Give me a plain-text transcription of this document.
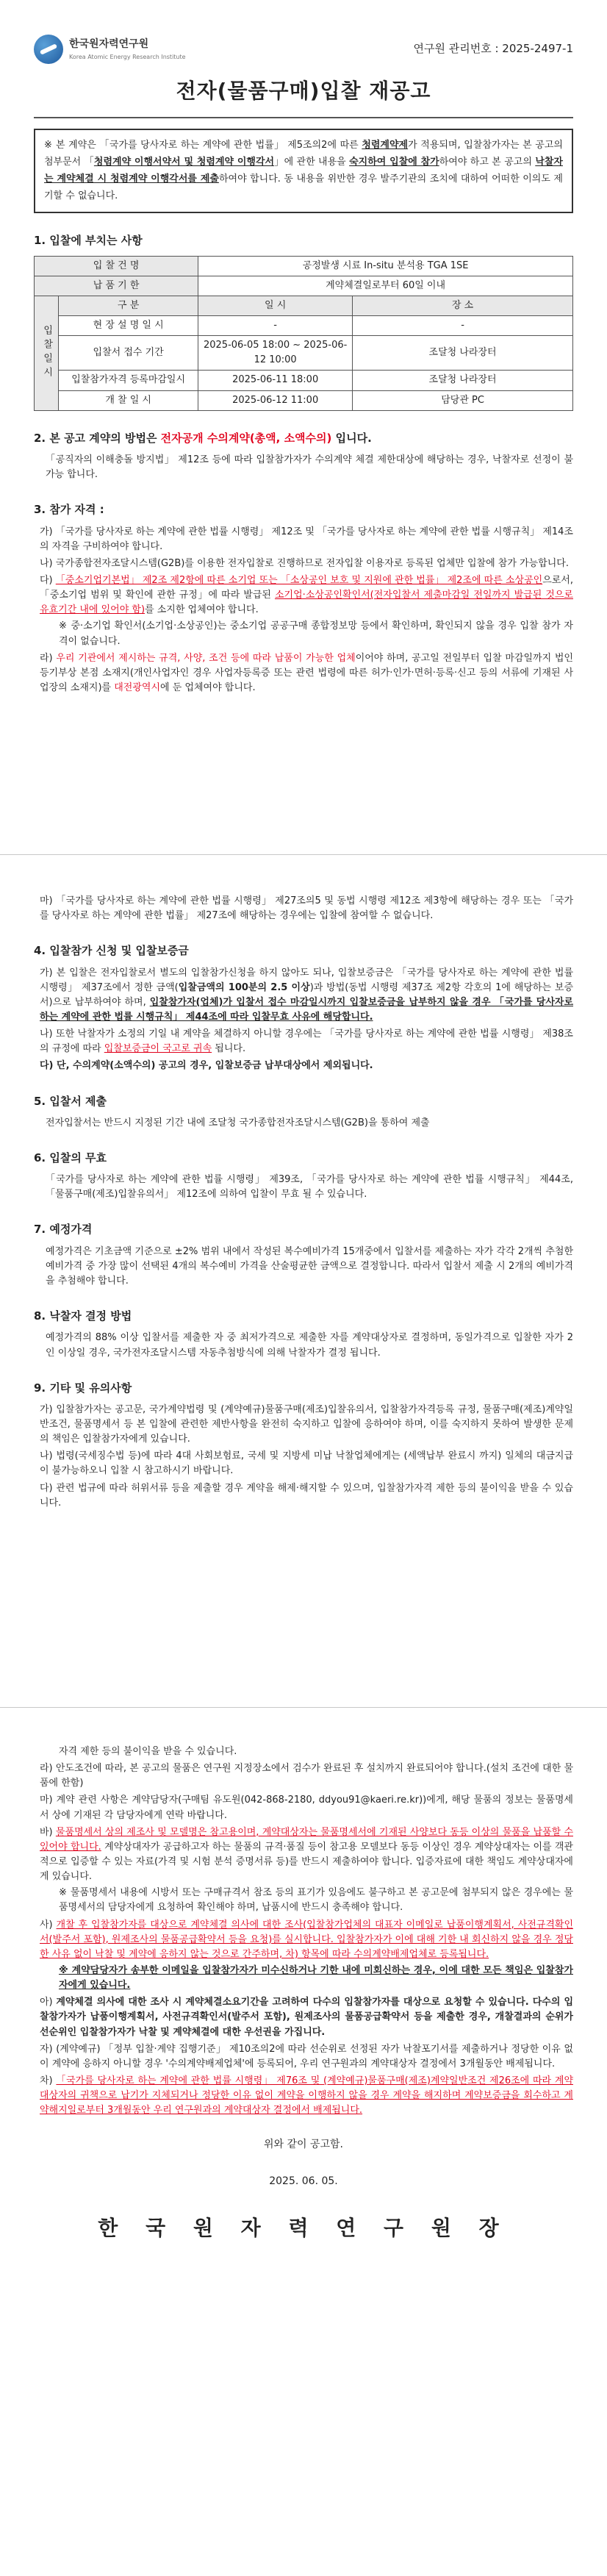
한국원자력연구원
Korea Atomic Energy Research Institute
연구원 관리번호 : 2025-2497-1
전자(물품구매)입찰 재공고
※ 본 계약은 「국가를 당사자로 하는 계약에 관한 법률」 제5조의2에 따른 청렴계약제가 적용되며, 입찰참가자는 본 공고의 첨부문서 「청렴계약 이행서약서 및 청렴계약 이행각서」에 관한 내용을 숙지하여 입찰에 참가하여야 하고 본 공고의 낙찰자는 계약체결 시 청렴계약 이행각서를 제출하여야 합니다. 동 내용을 위반한 경우 발주기관의 조치에 대하여 어떠한 이의도 제기할 수 없습니다.
1. 입찰에 부치는 사항
입 찰 건 명		공정발생 시료 In-situ 분석용 TGA 1SE	
납 품 기 한		계약체결일로부터 60일 이내	
입찰일시	구 분	일 시	장 소
	현 장 설 명 일 시	-	-
	입찰서 접수 기간	2025-06-05 18:00 ~ 2025-06-12 10:00	조달청 나라장터
	입찰참가자격 등록마감일시	2025-06-11 18:00	조달청 나라장터
	개 찰 일 시	2025-06-12 11:00	담당관 PC
2. 본 공고 계약의 방법은 전자공개 수의계약(총액, 소액수의) 입니다.
「공직자의 이해충돌 방지법」 제12조 등에 따라 입찰참가자가 수의계약 체결 제한대상에 해당하는 경우, 낙찰자로 선정이 불가능 합니다.
3. 참가 자격 :
가) 「국가를 당사자로 하는 계약에 관한 법률 시행령」 제12조 및 「국가를 당사자로 하는 계약에 관한 법률 시행규칙」 제14조의 자격을 구비하여야 합니다.
나) 국가종합전자조달시스템(G2B)를 이용한 전자입찰로 진행하므로 전자입찰 이용자로 등록된 업체만 입찰에 참가 가능합니다.
다) 「중소기업기본법」 제2조 제2항에 따른 소기업 또는 「소상공인 보호 및 지원에 관한 법률」 제2조에 따른 소상공인으로서, 「중소기업 범위 및 확인에 관한 규정」에 따라 발급된 소기업·소상공인확인서(전자입찰서 제출마감일 전일까지 발급된 것으로 유효기간 내에 있어야 함)를 소지한 업체여야 합니다.
※ 중·소기업 확인서(소기업·소상공인)는 중소기업 공공구매 종합정보망 등에서 확인하며, 확인되지 않을 경우 입찰 참가 자격이 없습니다.
라) 우리 기관에서 제시하는 규격, 사양, 조건 등에 따라 납품이 가능한 업체이어야 하며, 공고일 전일부터 입찰 마감일까지 법인등기부상 본점 소재지(개인사업자인 경우 사업자등록증 또는 관련 법령에 따른 허가·인가·면허·등록·신고 등의 서류에 기재된 사업장의 소재지)를 대전광역시에 둔 업체여야 합니다.
마) 「국가를 당사자로 하는 계약에 관한 법률 시행령」 제27조의5 및 동법 시행령 제12조 제3항에 해당하는 경우 또는 「국가를 당사자로 하는 계약에 관한 법률」 제27조에 해당하는 경우에는 입찰에 참여할 수 없습니다.
4. 입찰참가 신청 및 입찰보증금
가) 본 입찰은 전자입찰로서 별도의 입찰참가신청을 하지 않아도 되나, 입찰보증금은 「국가를 당사자로 하는 계약에 관한 법률 시행령」 제37조에서 정한 금액(입찰금액의 100분의 2.5 이상)과 방법(동법 시행령 제37조 제2항 각호의 1에 해당하는 보증서)으로 납부하여야 하며, 입찰참가자(업체)가 입찰서 접수 마감일시까지 입찰보증금을 납부하지 않을 경우 「국가를 당사자로 하는 계약에 관한 법률 시행규칙」 제44조에 따라 입찰무효 사유에 해당합니다.
나) 또한 낙찰자가 소정의 기일 내 계약을 체결하지 아니할 경우에는 「국가를 당사자로 하는 계약에 관한 법률 시행령」 제38조의 규정에 따라 입찰보증금이 국고로 귀속 됩니다.
다) 단, 수의계약(소액수의) 공고의 경우, 입찰보증금 납부대상에서 제외됩니다.
5. 입찰서 제출
전자입찰서는 반드시 지정된 기간 내에 조달청 국가종합전자조달시스템(G2B)을 통하여 제출
6. 입찰의 무효
「국가를 당사자로 하는 계약에 관한 법률 시행령」 제39조, 「국가를 당사자로 하는 계약에 관한 법률 시행규칙」 제44조, 「물품구매(제조)입찰유의서」 제12조에 의하여 입찰이 무효 될 수 있습니다.
7. 예정가격
예정가격은 기초금액 기준으로 ±2% 범위 내에서 작성된 복수예비가격 15개중에서 입찰서를 제출하는 자가 각각 2개씩 추첨한 예비가격 중 가장 많이 선택된 4개의 복수예비 가격을 산술평균한 금액으로 결정합니다. 따라서 입찰서 제출 시 2개의 예비가격을 추첨해야 합니다.
8. 낙찰자 결정 방법
예정가격의 88% 이상 입찰서를 제출한 자 중 최저가격으로 제출한 자를 계약대상자로 결정하며, 동일가격으로 입찰한 자가 2인 이상일 경우, 국가전자조달시스템 자동추첨방식에 의해 낙찰자가 결정 됩니다.
9. 기타 및 유의사항
가) 입찰참가자는 공고문, 국가계약법령 및 (계약예규)물품구매(제조)입찰유의서, 입찰참가자격등록 규정, 물품구매(제조)계약일반조건, 물품명세서 등 본 입찰에 관련한 제반사항을 완전히 숙지하고 입찰에 응하여야 하며, 이를 숙지하지 못하여 발생한 문제의 책임은 입찰참가자에게 있습니다.
나) 법령(국세징수법 등)에 따라 4대 사회보험료, 국세 및 지방세 미납 낙찰업체에게는 (세액납부 완료시 까지) 일체의 대금지급이 불가능하오니 입찰 시 참고하시기 바랍니다.
다) 관련 법규에 따라 허위서류 등을 제출할 경우 계약을 해제·해지할 수 있으며, 입찰참가자격 제한 등의 불이익을 받을 수 있습니다.
자격 제한 등의 불이익을 받을 수 있습니다.
라) 안도조건에 따라, 본 공고의 물품은 연구원 지정장소에서 검수가 완료된 후 설치까지 완료되어야 합니다.(설치 조건에 대한 물품에 한함)
마) 계약 관련 사항은 계약담당자(구매팀 유도원(042-868-2180, ddyou91@kaeri.re.kr))에게, 해당 물품의 정보는 물품명세서 상에 기재된 각 담당자에게 연락 바랍니다.
바) 물품명세서 상의 제조사 및 모델명은 참고용이며, 계약대상자는 물품명세서에 기재된 사양보다 동등 이상의 물품을 납품할 수 있어야 합니다. 계약상대자가 공급하고자 하는 물품의 규격·품질 등이 참고용 모델보다 동등 이상인 경우 계약상대자는 이를 객관적으로 입증할 수 있는 자료(가격 및 시험 분석 증명서류 등)를 반드시 제출하여야 합니다. 입증자료에 대한 책임도 계약상대자에게 있습니다.
※ 물품명세서 내용에 시방서 또는 구매규격서 참조 등의 표기가 있음에도 불구하고 본 공고문에 첨부되지 않은 경우에는 물품명세서의 담당자에게 요청하여 확인해야 하며, 납품시에 반드시 충족해야 합니다.
사) 개찰 후 입찰참가자를 대상으로 계약체결 의사에 대한 조사(입찰참가업체의 대표자 이메일로 납품이행계획서, 사전규격확인서(발주서 포함), 원제조사의 물품공급확약서 등을 요청)를 실시합니다. 입찰참가자가 이에 대해 기한 내 회신하지 않을 경우 정당한 사유 없이 낙찰 및 계약에 응하지 않는 것으로 간주하며, 차) 항목에 따라 수의계약배제업체로 등록됩니다.
※ 계약담당자가 송부한 이메일을 입찰참가자가 미수신하거나 기한 내에 미회신하는 경우, 이에 대한 모든 책임은 입찰참가자에게 있습니다.
아) 계약체결 의사에 대한 조사 시 계약체결소요기간을 고려하여 다수의 입찰참가자를 대상으로 요청할 수 있습니다. 다수의 입찰참가자가 납품이행계획서, 사전규격확인서(발주서 포함), 원제조사의 물품공급확약서 등을 제출한 경우, 개찰결과의 순위가 선순위인 입찰참가자가 낙찰 및 계약체결에 대한 우선권을 가집니다.
자) (계약예규) 「정부 입찰·계약 집행기준」 제10조의2에 따라 선순위로 선정된 자가 낙찰포기서를 제출하거나 정당한 이유 없이 계약에 응하지 아니할 경우 '수의계약배제업체'에 등록되어, 우리 연구원과의 계약대상자 결정에서 3개월동안 배제됩니다.
차) 「국가를 당사자로 하는 계약에 관한 법률 시행령」 제76조 및 (계약예규)물품구매(제조)계약일반조건 제26조에 따라 계약대상자의 귀책으로 납기가 지체되거나 정당한 이유 없이 계약을 이행하지 않을 경우 계약을 해지하며 계약보증금을 회수하고 계약해지일로부터 3개월동안 우리 연구원과의 계약대상자 결정에서 배제됩니다.
위와 같이 공고함.
2025. 06. 05.
한 국 원 자 력 연 구 원 장
